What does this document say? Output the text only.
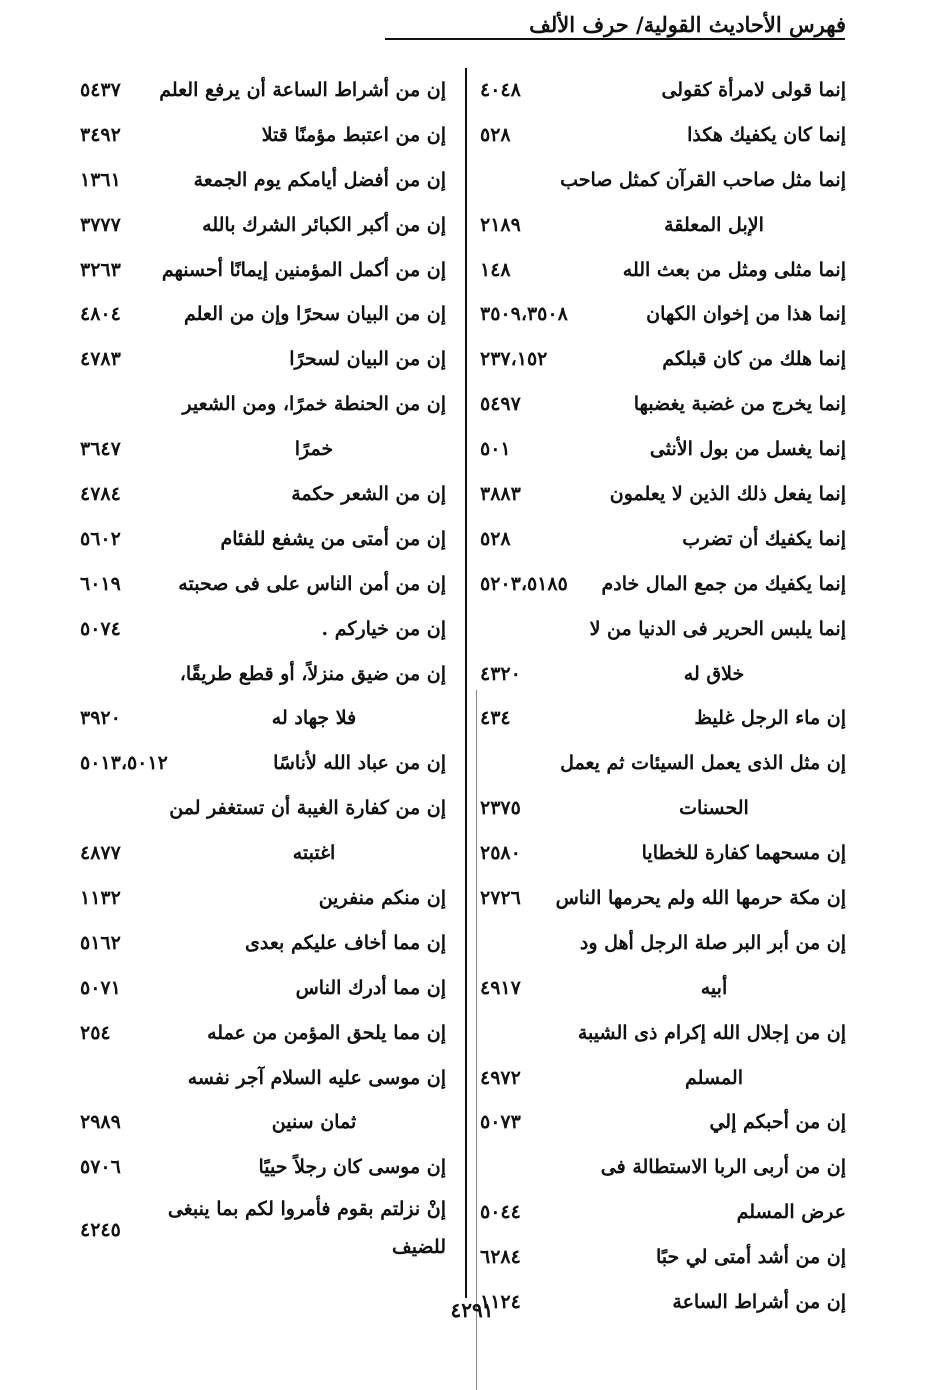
فهرس الأحاديث القولية/ حرف الألف
إنما قولى لامرأة كقولى
٤٠٤٨
إنما كان يكفيك هكذا
٥٢٨
إنما مثل صاحب القرآن كمثل صاحب
الإبل المعلقة
٢١٨٩
إنما مثلى ومثل من بعث الله
١٤٨
إنما هذا من إخوان الكهان
٣٥٠٩،٣٥٠٨
إنما هلك من كان قبلكم
٢٣٧،١٥٢
إنما يخرج من غضبة يغضبها
٥٤٩٧
إنما يغسل من بول الأنثى
٥٠١
إنما يفعل ذلك الذين لا يعلمون
٣٨٨٣
إنما يكفيك أن تضرب
٥٢٨
إنما يكفيك من جمع المال خادم
٥٢٠٣،٥١٨٥
إنما يلبس الحرير فى الدنيا من لا
خلاق له
٤٣٢٠
إن ماء الرجل غليظ
٤٣٤
إن مثل الذى يعمل السيئات ثم يعمل
الحسنات
٢٣٧٥
إن مسحهما كفارة للخطايا
٢٥٨٠
إن مكة حرمها الله ولم يحرمها الناس
٢٧٢٦
إن من أبر البر صلة الرجل أهل ود
أبيه
٤٩١٧
إن من إجلال الله إكرام ذى الشيبة
المسلم
٤٩٧٢
إن من أحبكم إلي
٥٠٧٣
إن من أربى الربا الاستطالة فى
عرض المسلم
٥٠٤٤
إن من أشد أمتى لي حبًا
٦٢٨٤
إن من أشراط الساعة
١١٢٤
إن من أشراط الساعة أن يرفع العلم
٥٤٣٧
إن من اعتبط مؤمنًا قتلا
٣٤٩٢
إن من أفضل أيامكم يوم الجمعة
١٣٦١
إن من أكبر الكبائر الشرك بالله
٣٧٧٧
إن من أكمل المؤمنين إيمانًا أحسنهم
٣٢٦٣
إن من البيان سحرًا وإن من العلم
٤٨٠٤
إن من البيان لسحرًا
٤٧٨٣
إن من الحنطة خمرًا، ومن الشعير
خمرًا
٣٦٤٧
إن من الشعر حكمة
٤٧٨٤
إن من أمتى من يشفع للفئام
٥٦٠٢
إن من أمن الناس على فى صحبته
٦٠١٩
إن من خياركم .
٥٠٧٤
إن من ضيق منزلاً، أو قطع طريقًا،
فلا جهاد له
٣٩٢٠
إن من عباد الله لأناسًا
٥٠١٣،٥٠١٢
إن من كفارة الغيبة أن تستغفر لمن
اغتبته
٤٨٧٧
إن منكم منفرين
١١٣٢
إن مما أخاف عليكم بعدى
٥١٦٢
إن مما أدرك الناس
٥٠٧١
إن مما يلحق المؤمن من عمله
٢٥٤
إن موسى عليه السلام آجر نفسه
ثمان سنين
٢٩٨٩
إن موسى كان رجلاً حييًا
٥٧٠٦
إنْ نزلتم بقوم فأمروا لكم بما ينبغى للضيف
٤٢٤٥
٤٢٩١
